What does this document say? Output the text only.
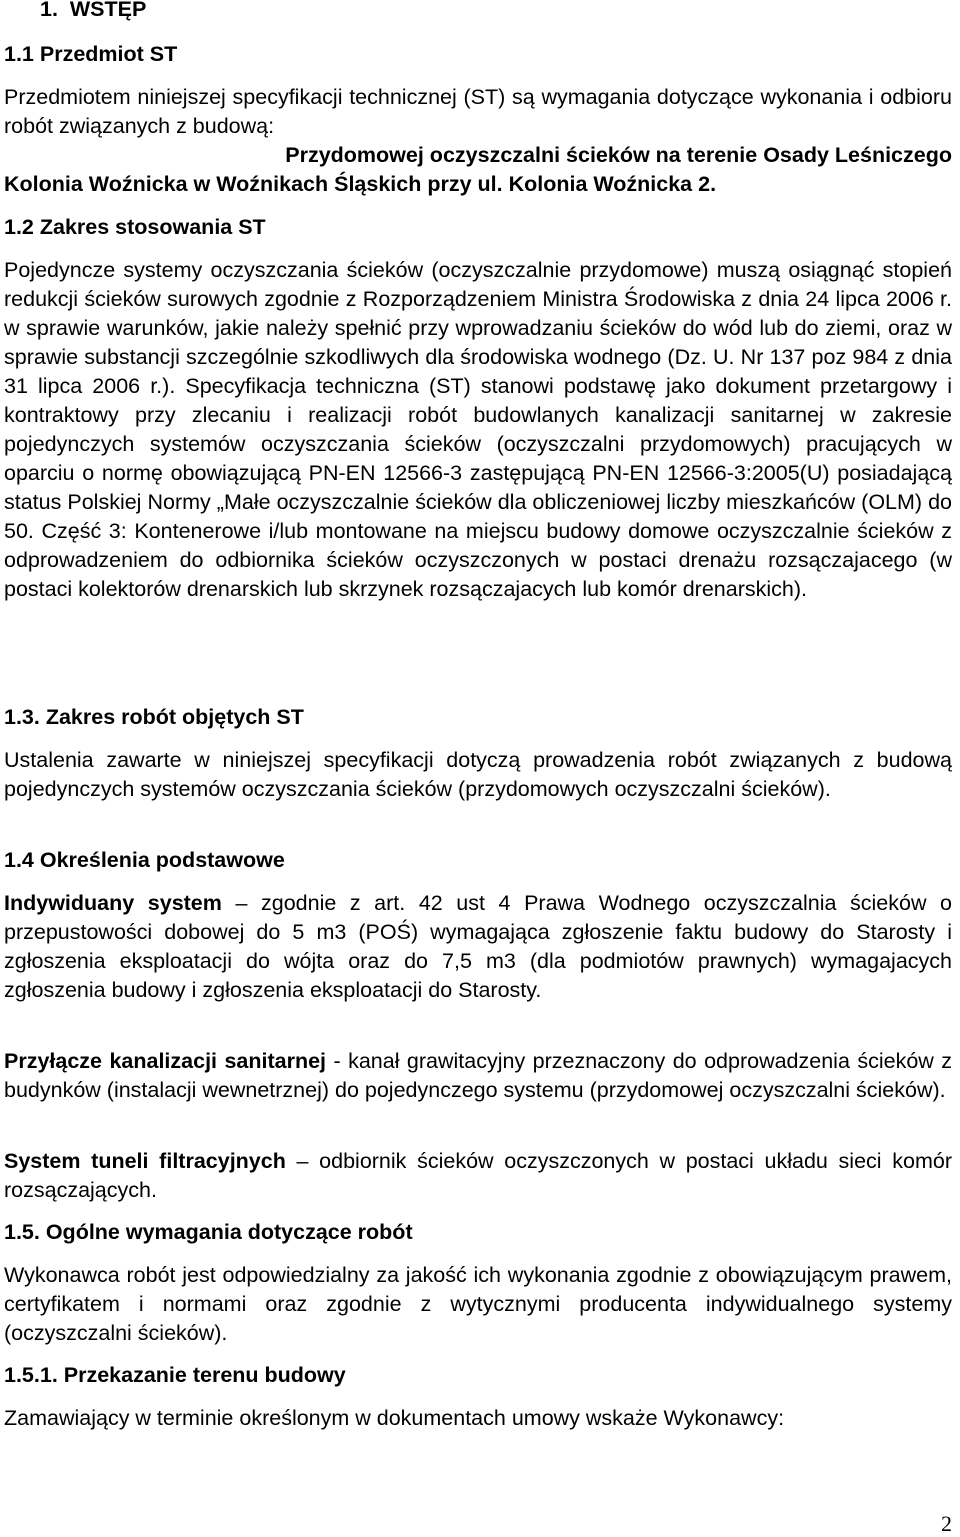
1. WSTĘP
1.1 Przedmiot ST

Przedmiotem niniejszej specyfikacji technicznej (ST) są wymagania dotyczące wykonania i odbioru robót związanych z budową:

Przydomowej oczyszczalni ścieków na terenie Osady Leśniczego

Kolonia Woźnicka w Woźnikach Śląskich przy ul. Kolonia Woźnicka 2.

1.2 Zakres stosowania ST

Pojedyncze systemy oczyszczania ścieków (oczyszczalnie przydomowe) muszą osiągnąć stopień redukcji ścieków surowych zgodnie z Rozporządzeniem Ministra Środowiska z dnia 24 lipca 2006 r. w sprawie warunków, jakie należy spełnić przy wprowadzaniu ścieków do wód lub do ziemi, oraz w sprawie substancji szczególnie szkodliwych dla środowiska wodnego (Dz. U. Nr 137 poz 984 z dnia 31 lipca 2006 r.). Specyfikacja techniczna (ST) stanowi podstawę jako dokument przetargowy i kontraktowy przy zlecaniu i realizacji robót budowlanych kanalizacji sanitarnej w zakresie pojedynczych systemów oczyszczania ścieków (oczyszczalni przydomowych) pracujących w oparciu o normę obowiązującą PN-EN 12566-3 zastępującą PN-EN 12566-3:2005(U) posiadającą status Polskiej Normy „Małe oczyszczalnie ścieków dla obliczeniowej liczby mieszkańców (OLM) do 50. Część 3: Kontenerowe i/lub montowane na miejscu budowy domowe oczyszczalnie ścieków z odprowadzeniem do odbiornika ścieków oczyszczonych w postaci drenażu rozsączajacego (w postaci kolektorów drenarskich lub skrzynek rozsączajacych lub komór drenarskich).

1.3. Zakres robót objętych ST

Ustalenia zawarte w niniejszej specyfikacji dotyczą prowadzenia robót związanych z budową pojedynczych systemów oczyszczania ścieków (przydomowych oczyszczalni ścieków).

1.4 Określenia podstawowe

Indywiduany system – zgodnie z art. 42 ust 4 Prawa Wodnego oczyszczalnia ścieków o przepustowości dobowej do 5 m3 (POŚ) wymagająca zgłoszenie faktu budowy do Starosty i zgłoszenia eksploatacji do wójta oraz do 7,5 m3 (dla podmiotów prawnych) wymagajacych zgłoszenia budowy i zgłoszenia eksploatacji do Starosty.

Przyłącze kanalizacji sanitarnej - kanał grawitacyjny przeznaczony do odprowadzenia ścieków z budynków (instalacji wewnetrznej) do pojedynczego systemu (przydomowej oczyszczalni ścieków).

System tuneli filtracyjnych – odbiornik ścieków oczyszczonych w postaci układu sieci komór rozsączających.

1.5. Ogólne wymagania dotyczące robót

Wykonawca robót jest odpowiedzialny za jakość ich wykonania zgodnie z obowiązującym prawem, certyfikatem i normami oraz zgodnie z wytycznymi producenta indywidualnego systemy (oczyszczalni ścieków).

1.5.1. Przekazanie terenu budowy

Zamawiający w terminie określonym w dokumentach umowy wskaże Wykonawcy:

2
